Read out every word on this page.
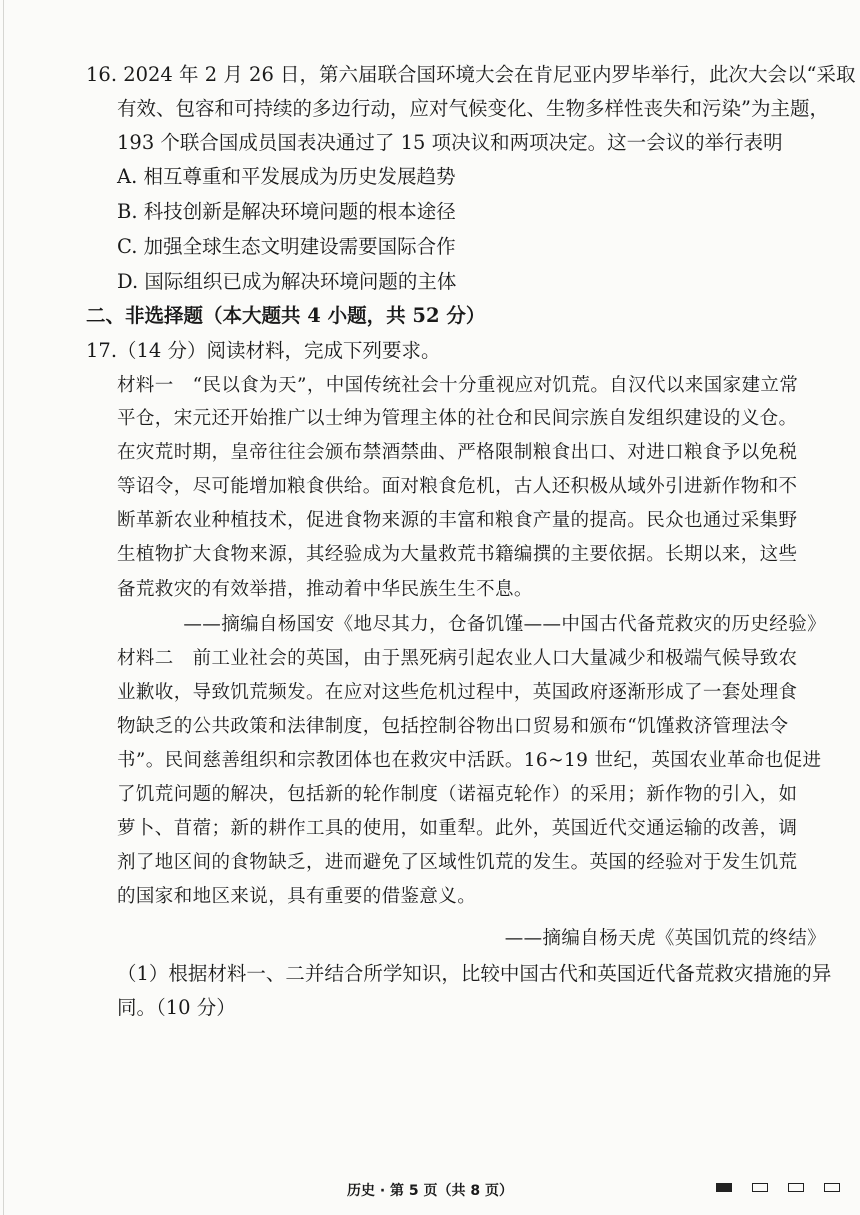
16. 2024 年 2 月 26 日，第六届联合国环境大会在肯尼亚内罗毕举行，此次大会以“采取
有效、包容和可持续的多边行动，应对气候变化、生物多样性丧失和污染”为主题，
193 个联合国成员国表决通过了 15 项决议和两项决定。这一会议的举行表明
A. 相互尊重和平发展成为历史发展趋势
B. 科技创新是解决环境问题的根本途径
C. 加强全球生态文明建设需要国际合作
D. 国际组织已成为解决环境问题的主体
二、非选择题（本大题共 4 小题，共 52 分）
17.（14 分）阅读材料，完成下列要求。
材料一　“民以食为天”，中国传统社会十分重视应对饥荒。自汉代以来国家建立常
平仓，宋元还开始推广以士绅为管理主体的社仓和民间宗族自发组织建设的义仓。
在灾荒时期，皇帝往往会颁布禁酒禁曲、严格限制粮食出口、对进口粮食予以免税
等诏令，尽可能增加粮食供给。面对粮食危机，古人还积极从域外引进新作物和不
断革新农业种植技术，促进食物来源的丰富和粮食产量的提高。民众也通过采集野
生植物扩大食物来源，其经验成为大量救荒书籍编撰的主要依据。长期以来，这些
备荒救灾的有效举措，推动着中华民族生生不息。
——摘编自杨国安《地尽其力，仓备饥馑——中国古代备荒救灾的历史经验》
材料二　前工业社会的英国，由于黑死病引起农业人口大量减少和极端气候导致农
业歉收，导致饥荒频发。在应对这些危机过程中，英国政府逐渐形成了一套处理食
物缺乏的公共政策和法律制度，包括控制谷物出口贸易和颁布“饥馑救济管理法令
书”。民间慈善组织和宗教团体也在救灾中活跃。16~19 世纪，英国农业革命也促进
了饥荒问题的解决，包括新的轮作制度（诺福克轮作）的采用；新作物的引入，如
萝卜、苜蓿；新的耕作工具的使用，如重犁。此外，英国近代交通运输的改善，调
剂了地区间的食物缺乏，进而避免了区域性饥荒的发生。英国的经验对于发生饥荒
的国家和地区来说，具有重要的借鉴意义。
——摘编自杨天虎《英国饥荒的终结》
（1）根据材料一、二并结合所学知识，比较中国古代和英国近代备荒救灾措施的异
同。（10 分）
历史 · 第 5 页（共 8 页）
